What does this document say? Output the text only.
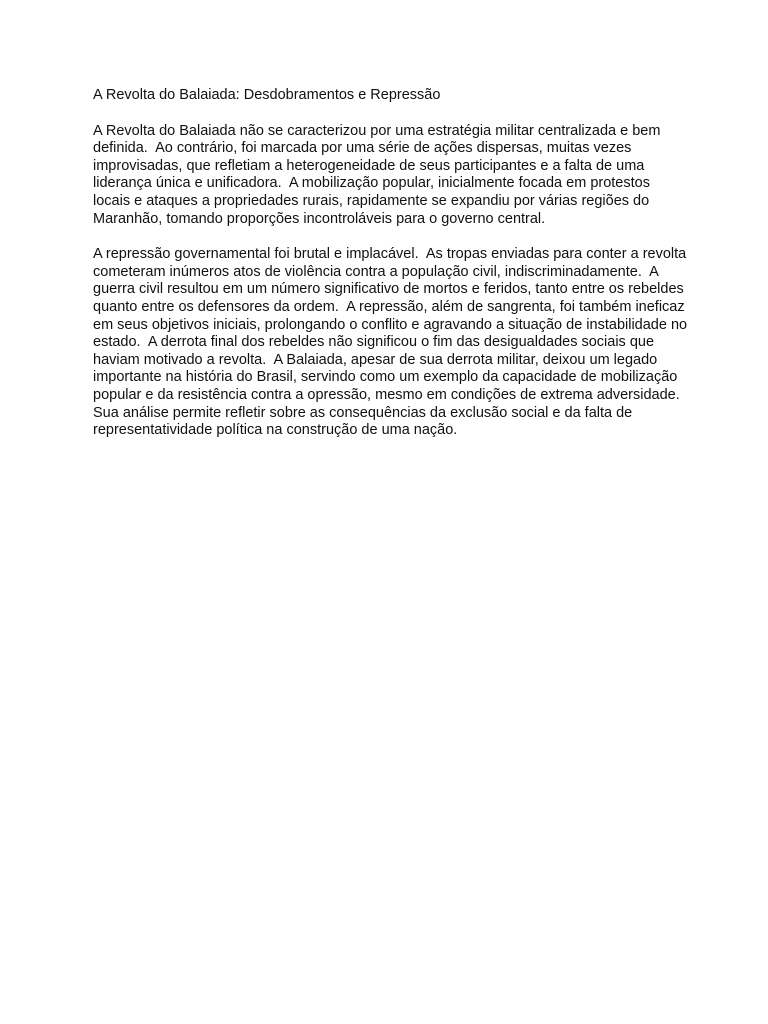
A Revolta do Balaiada: Desdobramentos e Repressão
A Revolta do Balaiada não se caracterizou por uma estratégia militar centralizada e bem
definida.  Ao contrário, foi marcada por uma série de ações dispersas, muitas vezes
improvisadas, que refletiam a heterogeneidade de seus participantes e a falta de uma
liderança única e unificadora.  A mobilização popular, inicialmente focada em protestos
locais e ataques a propriedades rurais, rapidamente se expandiu por várias regiões do
Maranhão, tomando proporções incontroláveis para o governo central.
A repressão governamental foi brutal e implacável.  As tropas enviadas para conter a revolta
cometeram inúmeros atos de violência contra a população civil, indiscriminadamente.  A
guerra civil resultou em um número significativo de mortos e feridos, tanto entre os rebeldes
quanto entre os defensores da ordem.  A repressão, além de sangrenta, foi também ineficaz
em seus objetivos iniciais, prolongando o conflito e agravando a situação de instabilidade no
estado.  A derrota final dos rebeldes não significou o fim das desigualdades sociais que
haviam motivado a revolta.  A Balaiada, apesar de sua derrota militar, deixou um legado
importante na história do Brasil, servindo como um exemplo da capacidade de mobilização
popular e da resistência contra a opressão, mesmo em condições de extrema adversidade.
Sua análise permite refletir sobre as consequências da exclusão social e da falta de
representatividade política na construção de uma nação.
